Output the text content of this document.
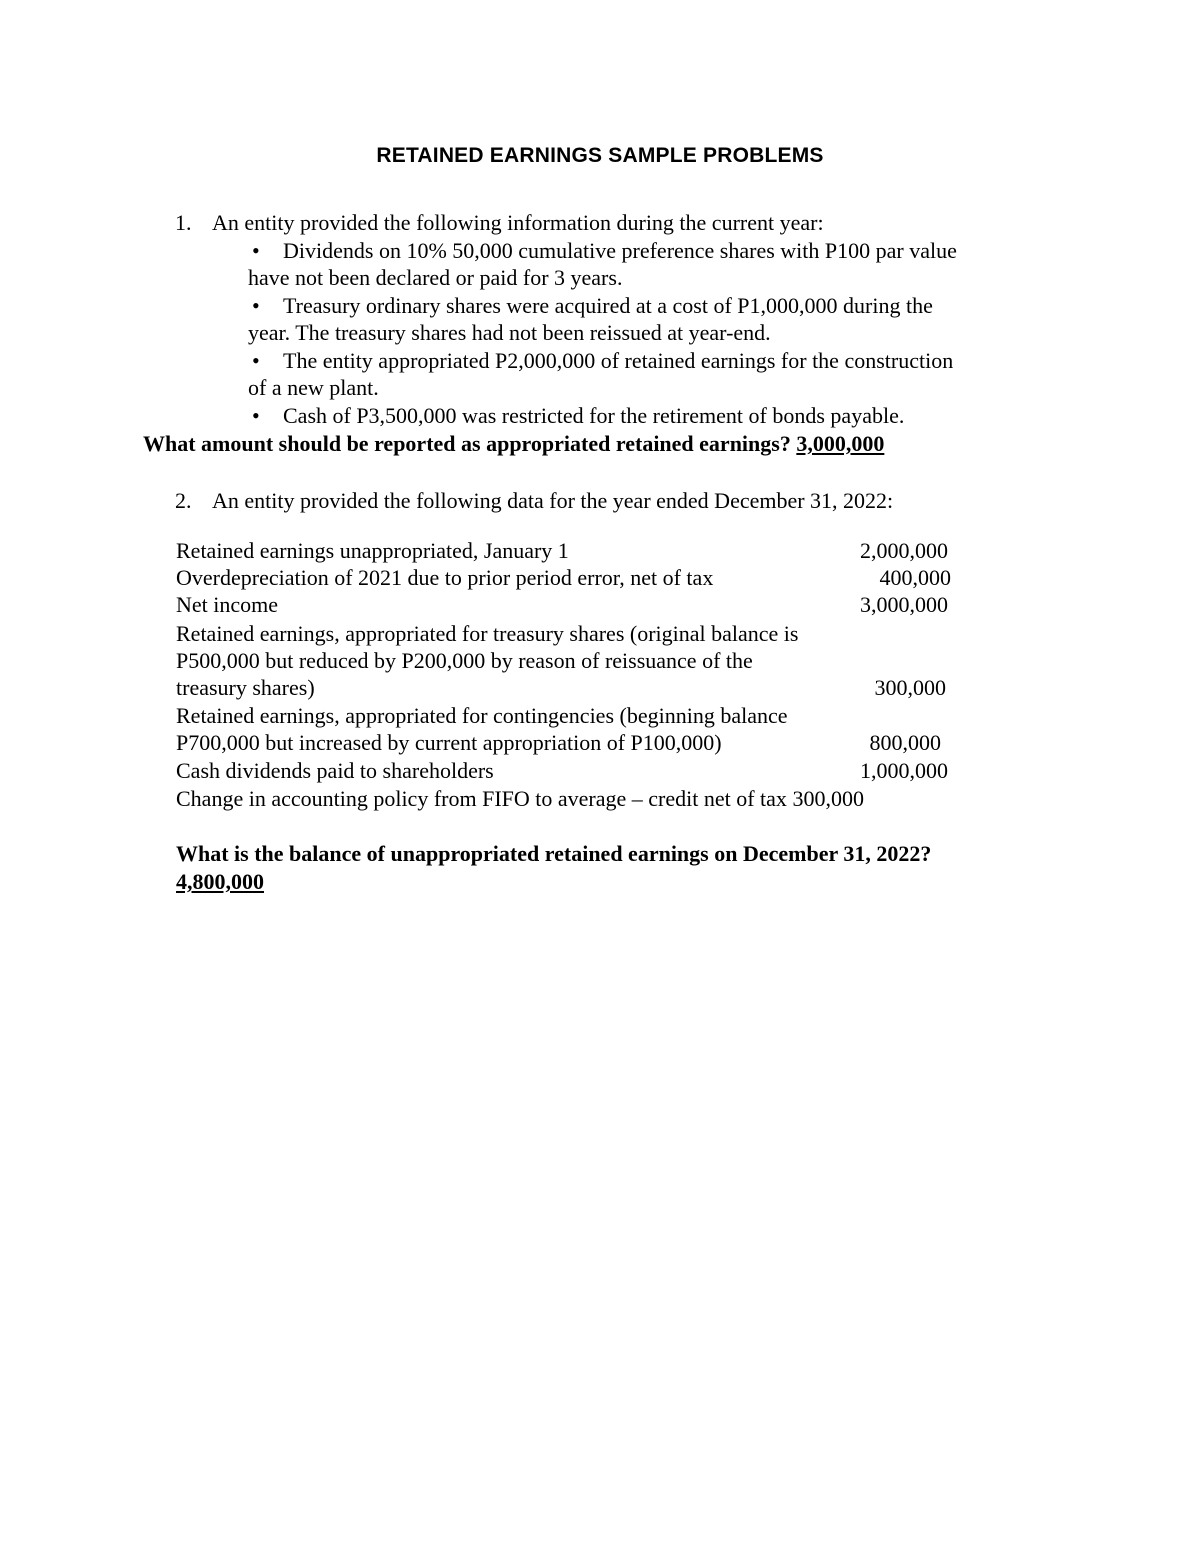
RETAINED EARNINGS SAMPLE PROBLEMS
1. An entity provided the following information during the current year:
• Dividends on 10% 50,000 cumulative preference shares with P100 par value
have not been declared or paid for 3 years.
• Treasury ordinary shares were acquired at a cost of P1,000,000 during the
year. The treasury shares had not been reissued at year-end.
• The entity appropriated P2,000,000 of retained earnings for the construction
of a new plant.
• Cash of P3,500,000 was restricted for the retirement of bonds payable.
What amount should be reported as appropriated retained earnings? 3,000,000
2. An entity provided the following data for the year ended December 31, 2022:
Retained earnings unappropriated, January 1	2,000,000
Overdepreciation of 2021 due to prior period error, net of tax	400,000
Net income	3,000,000
Retained earnings, appropriated for treasury shares (original balance is
P500,000 but reduced by P200,000 by reason of reissuance of the
treasury shares)	300,000
Retained earnings, appropriated for contingencies (beginning balance
P700,000 but increased by current appropriation of P100,000)	800,000
Cash dividends paid to shareholders	1,000,000
Change in accounting policy from FIFO to average – credit net of tax 300,000
What is the balance of unappropriated retained earnings on December 31, 2022?
4,800,000
